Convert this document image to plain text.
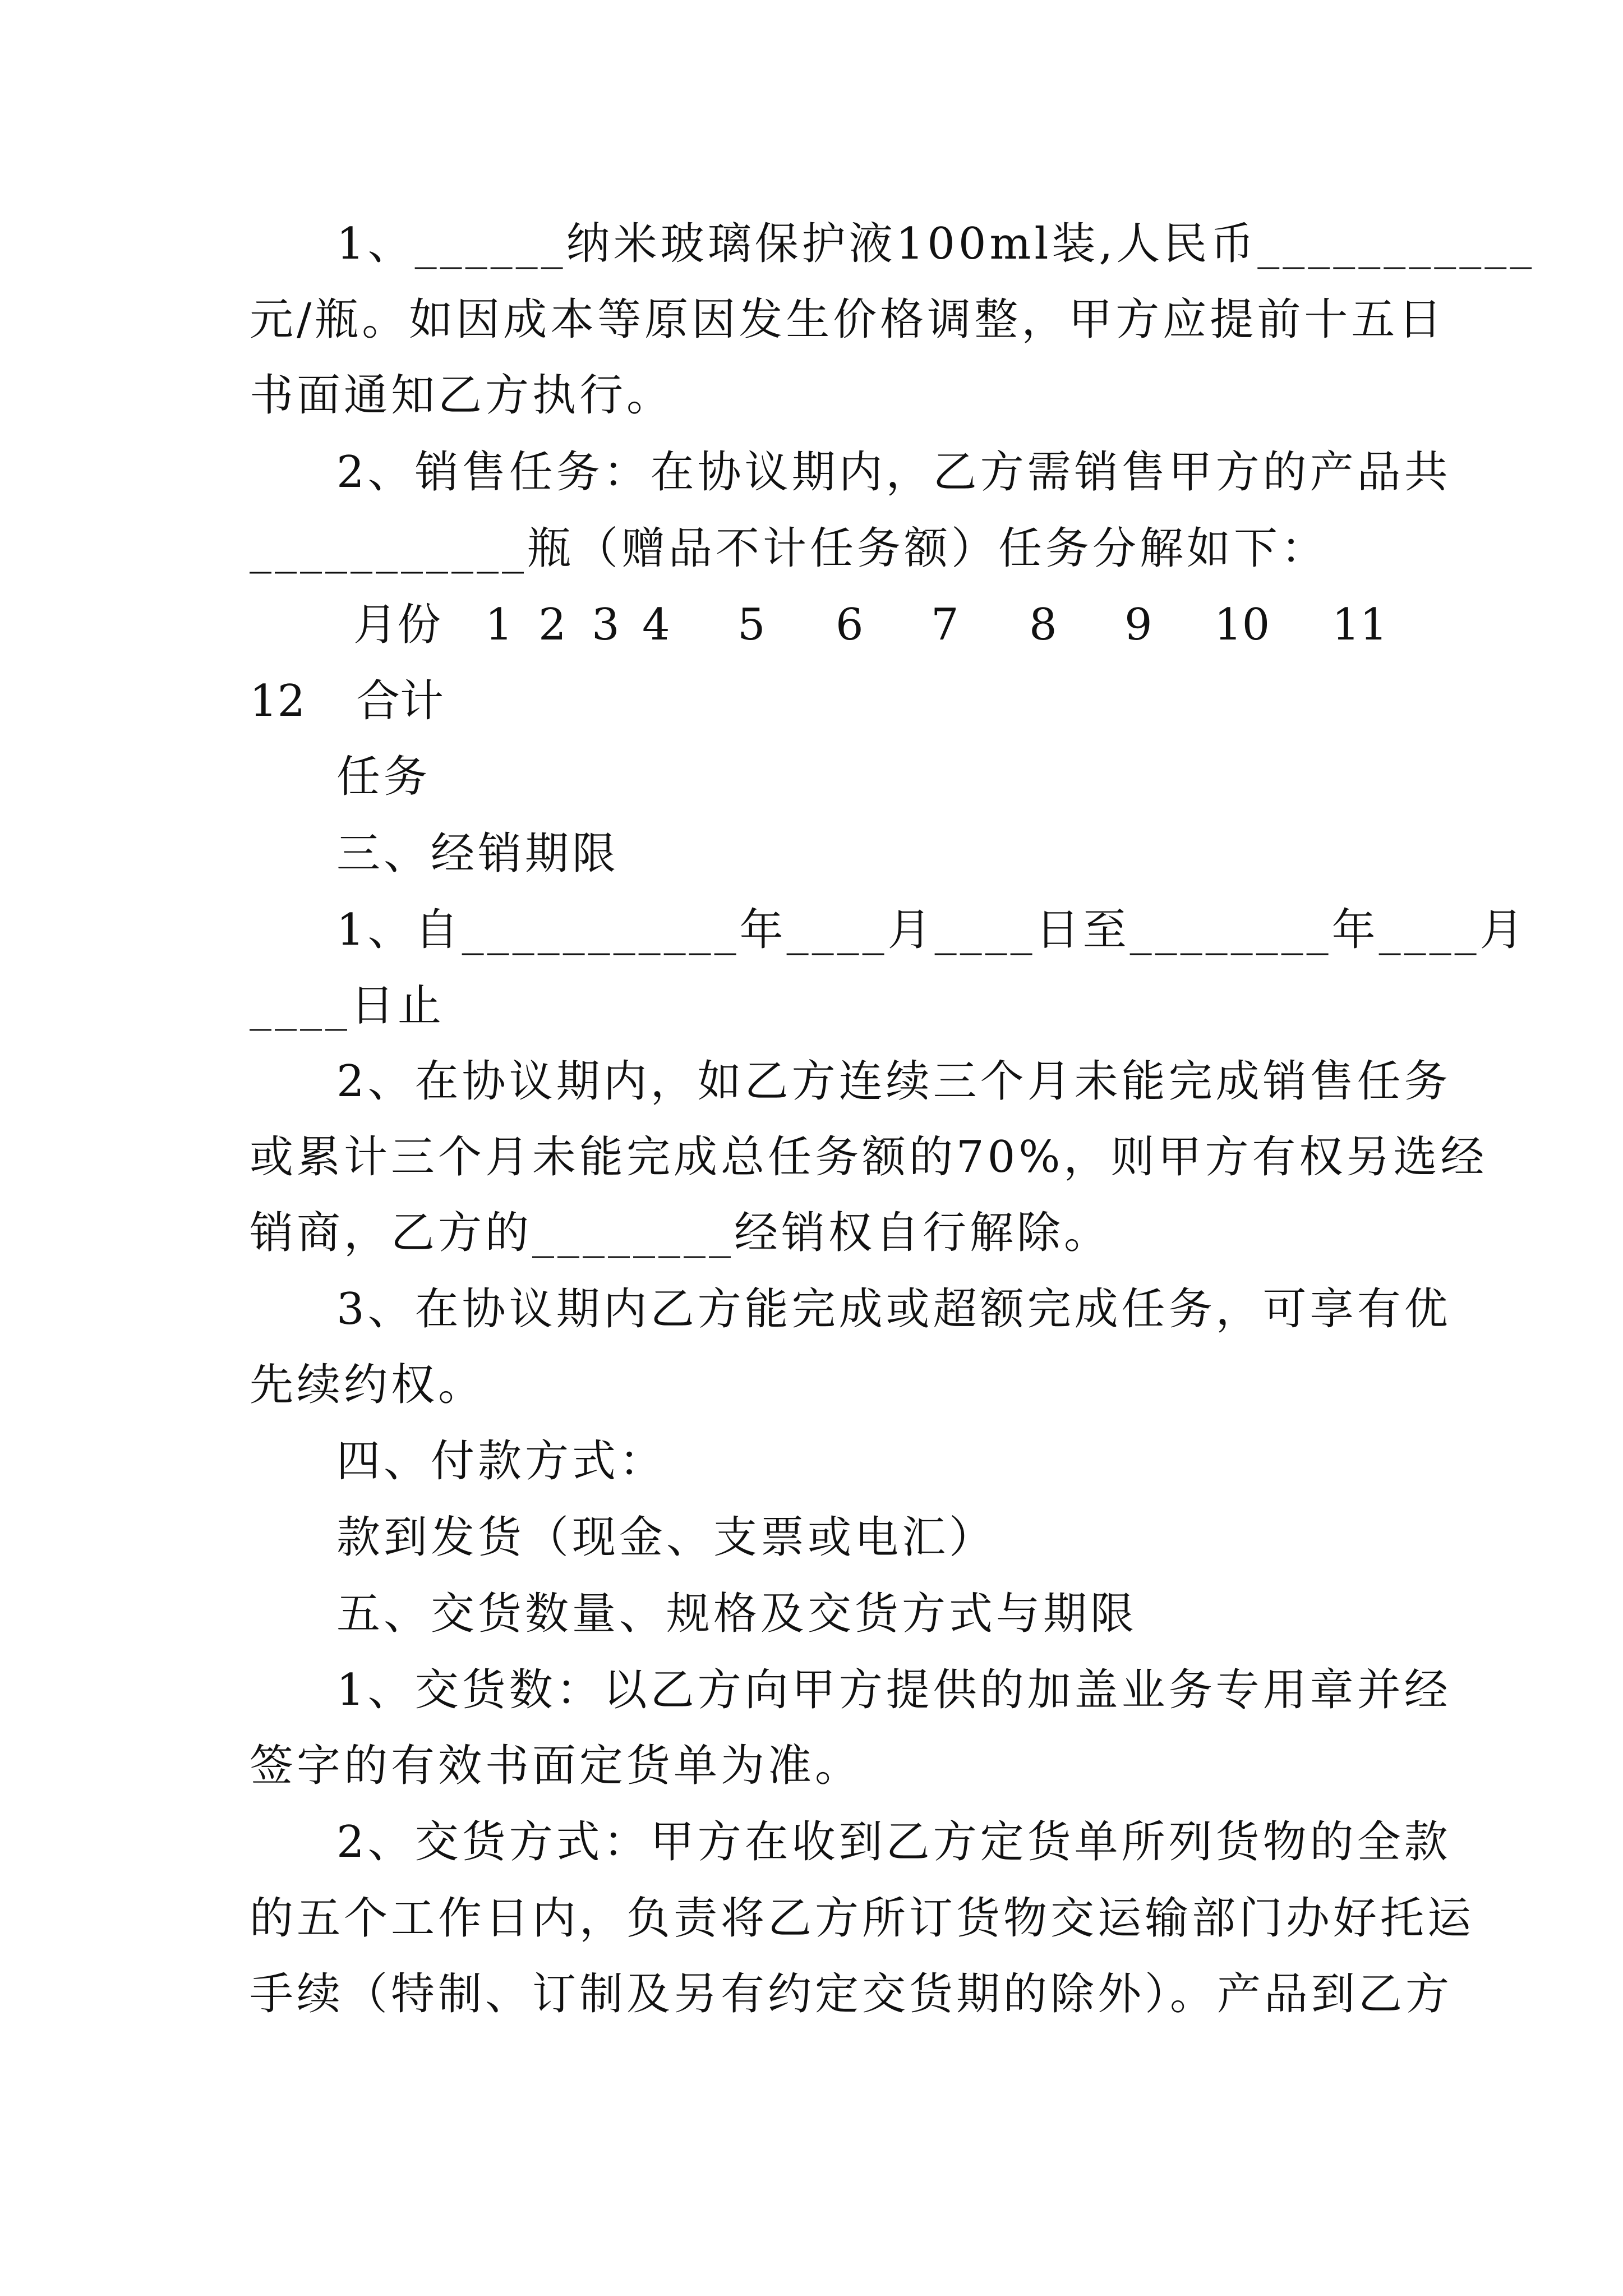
1、______纳米玻璃保护液100ml装,人民币___________
元/瓶。如因成本等原因发生价格调整，甲方应提前十五日
书面通知乙方执行。
2、销售任务：在协议期内，乙方需销售甲方的产品共
___________瓶（赠品不计任务额）任务分解如下：
月份 1 2 3 4 5 6 7 8 9 10 11
12 合计
任务
三、经销期限
1、自___________年____月____日至________年____月
____日止
2、在协议期内，如乙方连续三个月未能完成销售任务
或累计三个月未能完成总任务额的70%，则甲方有权另选经
销商，乙方的________经销权自行解除。
3、在协议期内乙方能完成或超额完成任务，可享有优
先续约权。
四、付款方式：
款到发货（现金、支票或电汇）
五、交货数量、规格及交货方式与期限
1、交货数：以乙方向甲方提供的加盖业务专用章并经
签字的有效书面定货单为准。
2、交货方式：甲方在收到乙方定货单所列货物的全款
的五个工作日内，负责将乙方所订货物交运输部门办好托运
手续（特制、订制及另有约定交货期的除外）。产品到乙方
